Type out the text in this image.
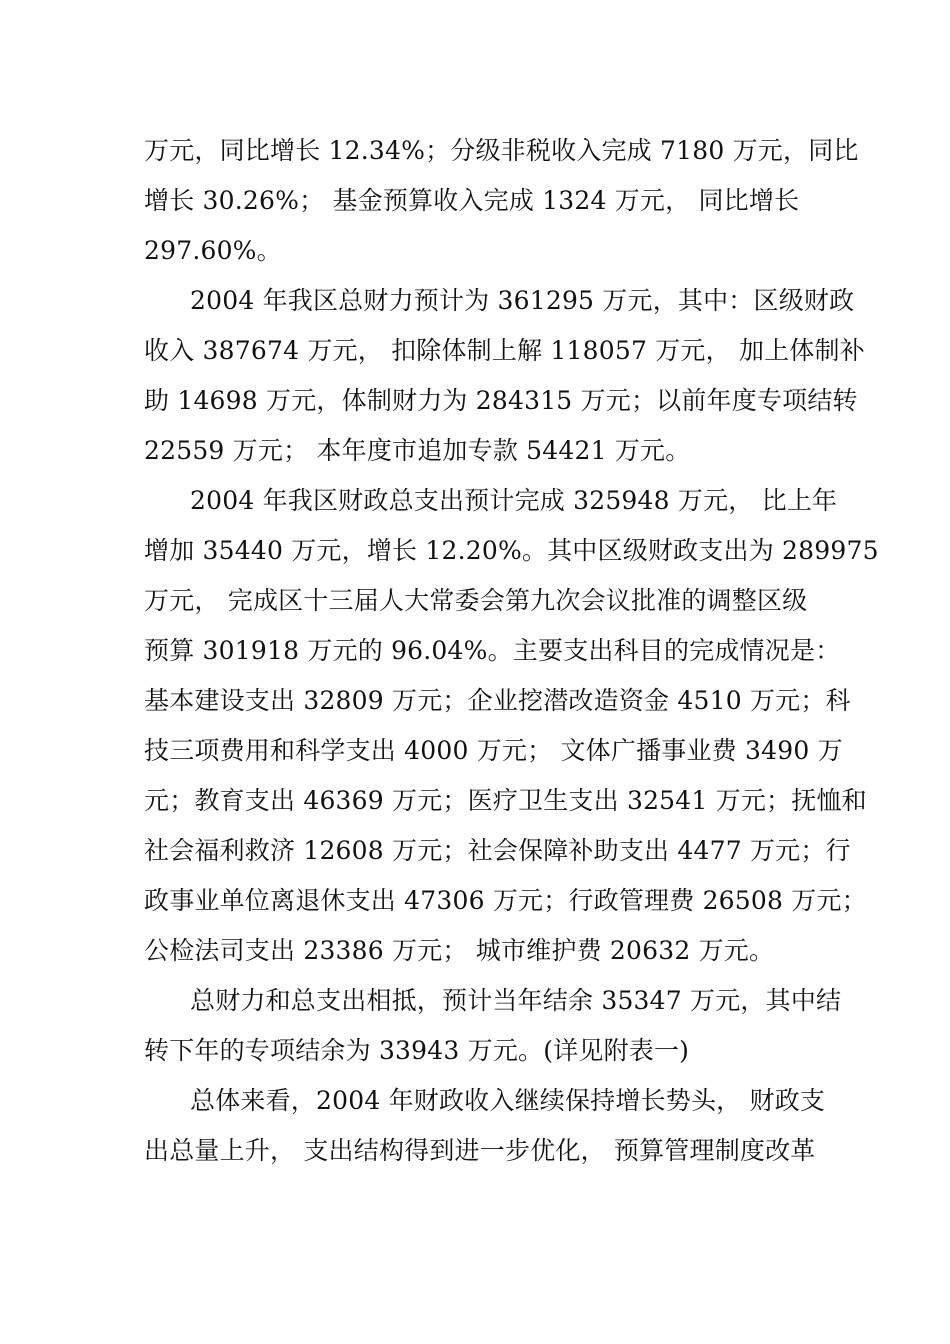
万元，同比增长 12.34%；分级非税收入完成 7180 万元，同比
增长 30.26%； 基金预算收入完成 1324 万元， 同比增长
297.60%。
2004 年我区总财力预计为 361295 万元，其中：区级财政
收入 387674 万元， 扣除体制上解 118057 万元， 加上体制补
助 14698 万元，体制财力为 284315 万元；以前年度专项结转
22559 万元； 本年度市追加专款 54421 万元。
2004 年我区财政总支出预计完成 325948 万元， 比上年
增加 35440 万元，增长 12.20%。其中区级财政支出为 289975
万元， 完成区十三届人大常委会第九次会议批准的调整区级
预算 301918 万元的 96.04%。主要支出科目的完成情况是：
基本建设支出 32809 万元；企业挖潜改造资金 4510 万元；科
技三项费用和科学支出 4000 万元； 文体广播事业费 3490 万
元；教育支出 46369 万元；医疗卫生支出 32541 万元；抚恤和
社会福利救济 12608 万元；社会保障补助支出 4477 万元；行
政事业单位离退休支出 47306 万元；行政管理费 26508 万元；
公检法司支出 23386 万元； 城市维护费 20632 万元。
总财力和总支出相抵，预计当年结余 35347 万元，其中结
转下年的专项结余为 33943 万元。(详见附表一)
总体来看，2004 年财政收入继续保持增长势头， 财政支
出总量上升， 支出结构得到进一步优化， 预算管理制度改革
